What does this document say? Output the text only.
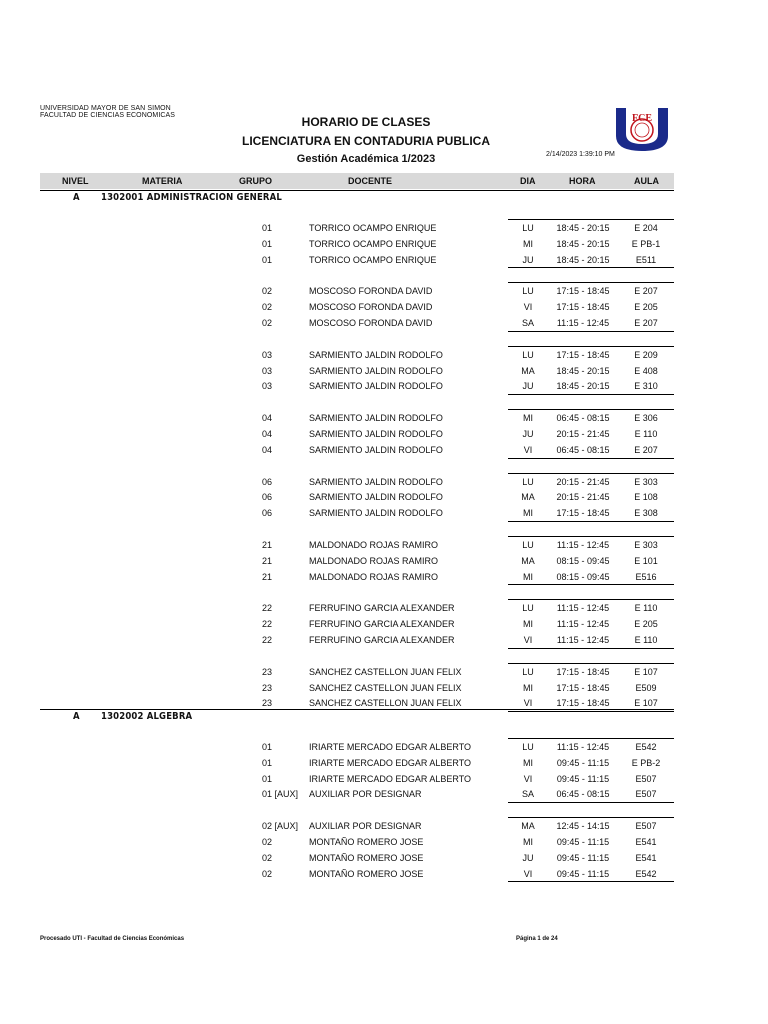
UNIVERSIDAD MAYOR DE SAN SIMON
FACULTAD DE CIENCIAS ECONOMICAS	HORARIO DE CLASES
LICENCIATURA EN CONTADURIA PUBLICA
Gestión Académica 1/2023	2/14/2023 1:39:10 PM
FCE
NIVEL	MATERIA	GRUPO	DOCENTE	DIA	HORA	AULA
A 1302001 ADMINISTRACION GENERAL
01	TORRICO OCAMPO ENRIQUE	LU	18:45 - 20:15	E 204
01	TORRICO OCAMPO ENRIQUE	MI	18:45 - 20:15	E PB-1
01	TORRICO OCAMPO ENRIQUE	JU	18:45 - 20:15	E511
02	MOSCOSO FORONDA DAVID	LU	17:15 - 18:45	E 207
02	MOSCOSO FORONDA DAVID	VI	17:15 - 18:45	E 205
02	MOSCOSO FORONDA DAVID	SA	11:15 - 12:45	E 207
03	SARMIENTO JALDIN RODOLFO	LU	17:15 - 18:45	E 209
03	SARMIENTO JALDIN RODOLFO	MA	18:45 - 20:15	E 408
03	SARMIENTO JALDIN RODOLFO	JU	18:45 - 20:15	E 310
04	SARMIENTO JALDIN RODOLFO	MI	06:45 - 08:15	E 306
04	SARMIENTO JALDIN RODOLFO	JU	20:15 - 21:45	E 110
04	SARMIENTO JALDIN RODOLFO	VI	06:45 - 08:15	E 207
06	SARMIENTO JALDIN RODOLFO	LU	20:15 - 21:45	E 303
06	SARMIENTO JALDIN RODOLFO	MA	20:15 - 21:45	E 108
06	SARMIENTO JALDIN RODOLFO	MI	17:15 - 18:45	E 308
21	MALDONADO ROJAS RAMIRO	LU	11:15 - 12:45	E 303
21	MALDONADO ROJAS RAMIRO	MA	08:15 - 09:45	E 101
21	MALDONADO ROJAS RAMIRO	MI	08:15 - 09:45	E516
22	FERRUFINO GARCIA ALEXANDER	LU	11:15 - 12:45	E 110
22	FERRUFINO GARCIA ALEXANDER	MI	11:15 - 12:45	E 205
22	FERRUFINO GARCIA ALEXANDER	VI	11:15 - 12:45	E 110
23	SANCHEZ CASTELLON JUAN FELIX	LU	17:15 - 18:45	E 107
23	SANCHEZ CASTELLON JUAN FELIX	MI	17:15 - 18:45	E509
23	SANCHEZ CASTELLON JUAN FELIX	VI	17:15 - 18:45	E 107
A 1302002 ALGEBRA
01	IRIARTE MERCADO EDGAR ALBERTO	LU	11:15 - 12:45	E542
01	IRIARTE MERCADO EDGAR ALBERTO	MI	09:45 - 11:15	E PB-2
01	IRIARTE MERCADO EDGAR ALBERTO	VI	09:45 - 11:15	E507
01 [AUX] AUXILIAR POR DESIGNAR	SA	06:45 - 08:15	E507
02 [AUX] AUXILIAR POR DESIGNAR	MA	12:45 - 14:15	E507
02	MONTAÑO ROMERO JOSE	MI	09:45 - 11:15	E541
02	MONTAÑO ROMERO JOSE	JU	09:45 - 11:15	E541
02	MONTAÑO ROMERO JOSE	VI	09:45 - 11:15	E542
Procesado UTI - Facultad de Ciencias Económicas	Página 1 de 24
